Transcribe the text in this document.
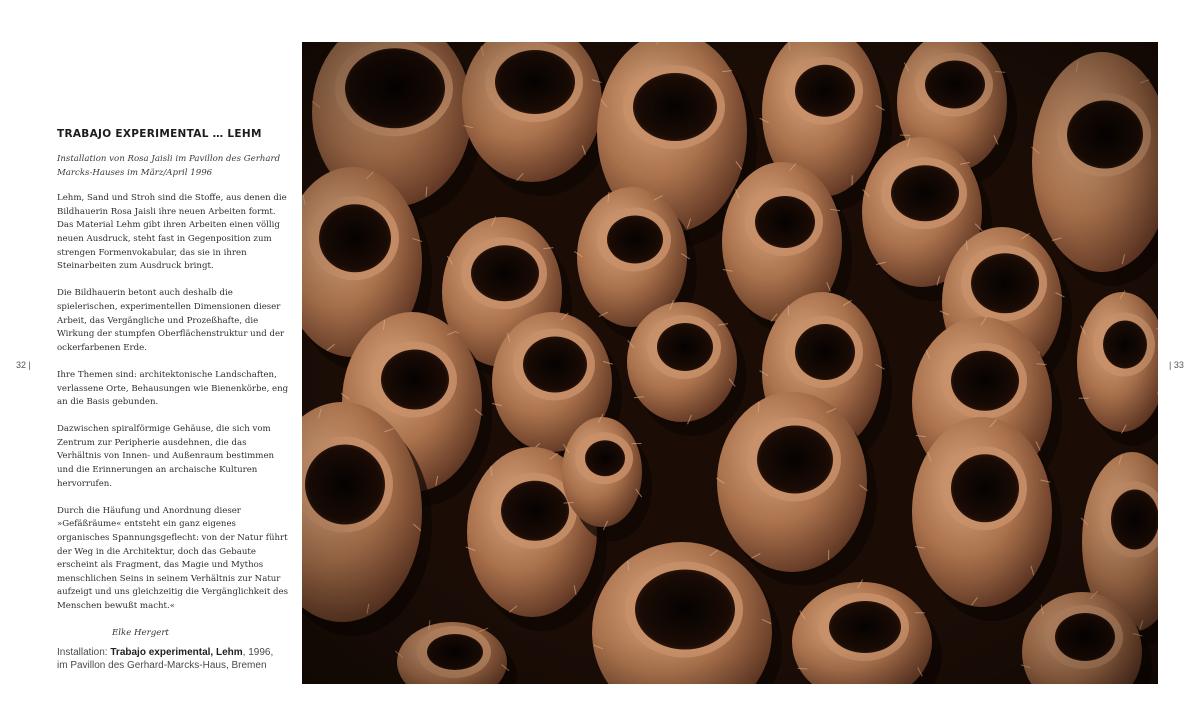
TRABAJO EXPERIMENTAL … LEHM

Installation von Rosa Jaisli im Pavillon des Gerhard Marcks-Hauses im März/April 1996

Lehm, Sand und Stroh sind die Stoffe, aus denen die Bildhauerin Rosa Jaisli ihre neuen Arbeiten formt. Das Material Lehm gibt ihren Arbeiten einen völlig neuen Ausdruck, steht fast in Gegenposition zum strengen Formenvokabular, das sie in ihren Steinarbeiten zum Ausdruck bringt.

Die Bildhauerin betont auch deshalb die spielerischen, experimentellen Dimensionen dieser Arbeit, das Vergängliche und Prozeßhafte, die Wirkung der stumpfen Oberflächenstruktur und der ockerfarbenen Erde.

Ihre Themen sind: architektonische Landschaften, verlassene Orte, Behausungen wie Bienenkörbe, eng an die Basis gebunden.

Dazwischen spiralförmige Gehäuse, die sich vom Zentrum zur Peripherie ausdehnen, die das Verhältnis von Innen- und Außenraum bestimmen und die Erinnerungen an archaische Kulturen hervorrufen.

Durch die Häufung und Anordnung dieser »Gefäßräume« entsteht ein ganz eigenes organisches Spannungsgeflecht: von der Natur führt der Weg in die Architektur, doch das Gebaute erscheint als Fragment, das Magie und Mythos menschlichen Seins in seinem Verhältnis zur Natur aufzeigt und uns gleichzeitig die Vergänglichkeit des Menschen bewußt macht.«

Elke Hergert

Installation: Trabajo experimental, Lehm, 1996,
im Pavillon des Gerhard-Marcks-Haus, Bremen
32 |	| 33
